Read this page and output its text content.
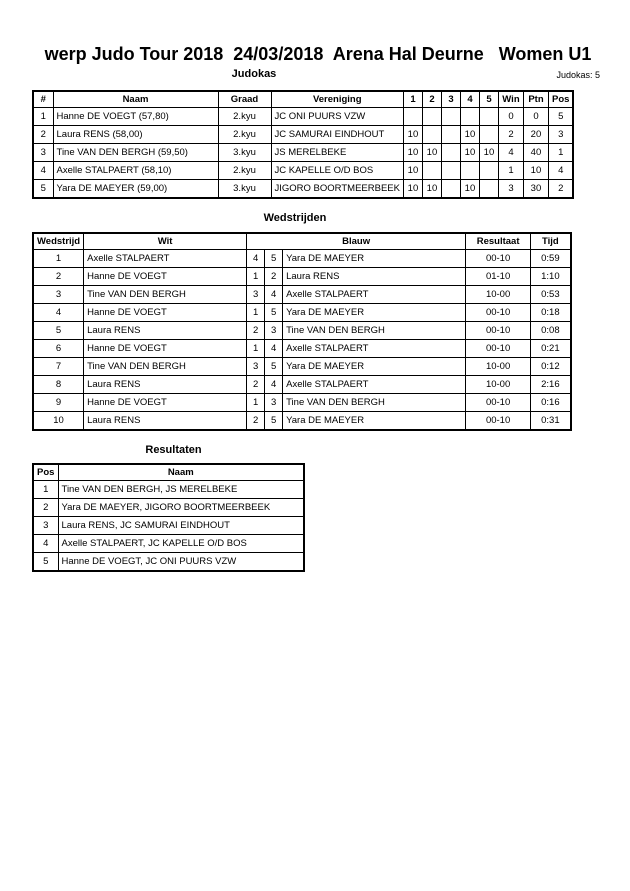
werp Judo Tour 2018  24/03/2018  Arena Hal Deurne   Women U1
Judokas	Judokas: 5
#	Naam	Graad	Vereniging	1	2	3	4	5	Win	Ptn	Pos
1	Hanne DE VOEGT (57,80)	2.kyu	JC ONI PUURS VZW						0	0	5
2	Laura RENS (58,00)	2.kyu	JC SAMURAI EINDHOUT	10			10		2	20	3
3	Tine VAN DEN BERGH (59,50)	3.kyu	JS MERELBEKE	10	10		10	10	4	40	1
4	Axelle STALPAERT (58,10)	2.kyu	JC KAPELLE O/D BOS	10					1	10	4
5	Yara DE MAEYER (59,00)	3.kyu	JIGORO BOORTMEERBEEK	10	10		10		3	30	2
Wedstrijden
Wedstrijd	Wit	Blauw			Resultaat	Tijd
1	Axelle STALPAERT	4	5	Yara DE MAEYER	00-10	0:59
2	Hanne DE VOEGT	1	2	Laura RENS	01-10	1:10
3	Tine VAN DEN BERGH	3	4	Axelle STALPAERT	10-00	0:53
4	Hanne DE VOEGT	1	5	Yara DE MAEYER	00-10	0:18
5	Laura RENS	2	3	Tine VAN DEN BERGH	00-10	0:08
6	Hanne DE VOEGT	1	4	Axelle STALPAERT	00-10	0:21
7	Tine VAN DEN BERGH	3	5	Yara DE MAEYER	10-00	0:12
8	Laura RENS	2	4	Axelle STALPAERT	10-00	2:16
9	Hanne DE VOEGT	1	3	Tine VAN DEN BERGH	00-10	0:16
10	Laura RENS	2	5	Yara DE MAEYER	00-10	0:31
Resultaten
Pos	Naam
1	Tine VAN DEN BERGH, JS MERELBEKE
2	Yara DE MAEYER, JIGORO BOORTMEERBEEK
3	Laura RENS, JC SAMURAI EINDHOUT
4	Axelle STALPAERT, JC KAPELLE O/D BOS
5	Hanne DE VOEGT, JC ONI PUURS VZW
